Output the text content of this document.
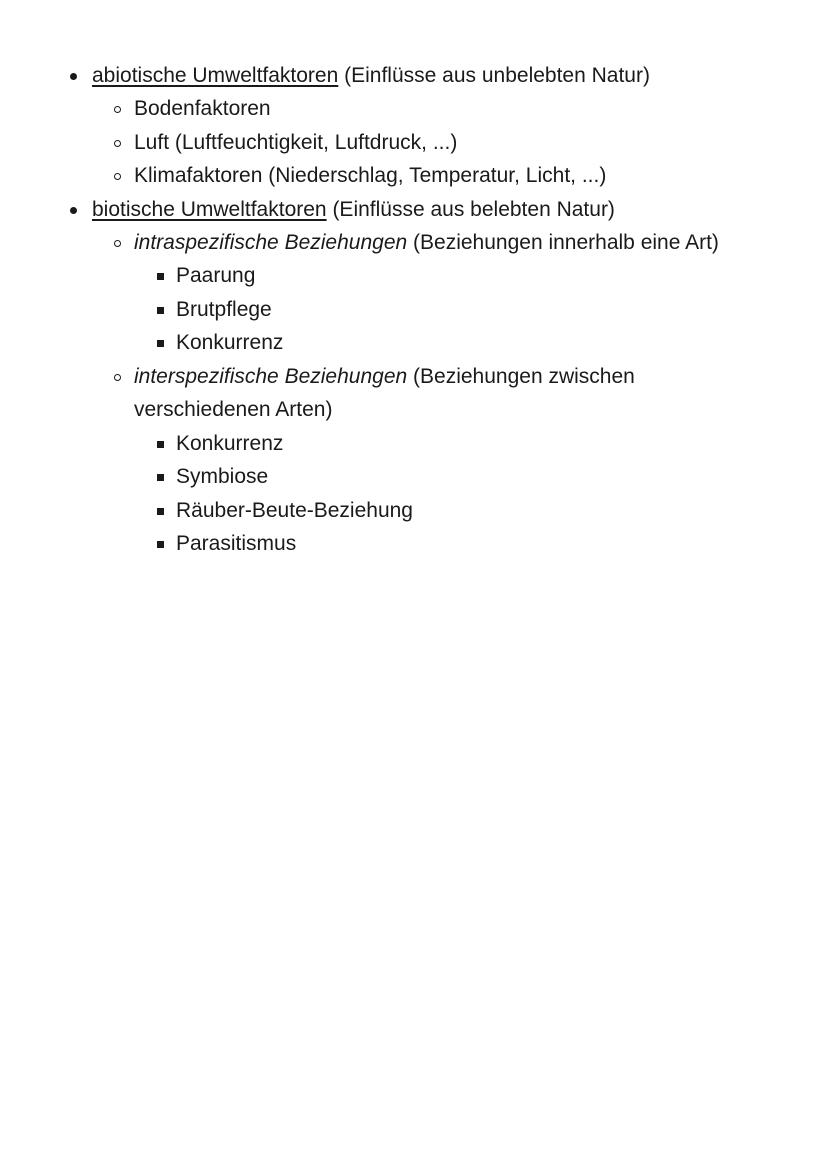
abiotische Umweltfaktoren (Einflüsse aus unbelebten Natur)
Bodenfaktoren
Luft (Luftfeuchtigkeit, Luftdruck, ...)
Klimafaktoren (Niederschlag, Temperatur, Licht, ...)
biotische Umweltfaktoren (Einflüsse aus belebten Natur)
intraspezifische Beziehungen (Beziehungen innerhalb eine Art)
Paarung
Brutpflege
Konkurrenz
interspezifische Beziehungen (Beziehungen zwischen
verschiedenen Arten)
Konkurrenz
Symbiose
Räuber-Beute-Beziehung
Parasitismus
